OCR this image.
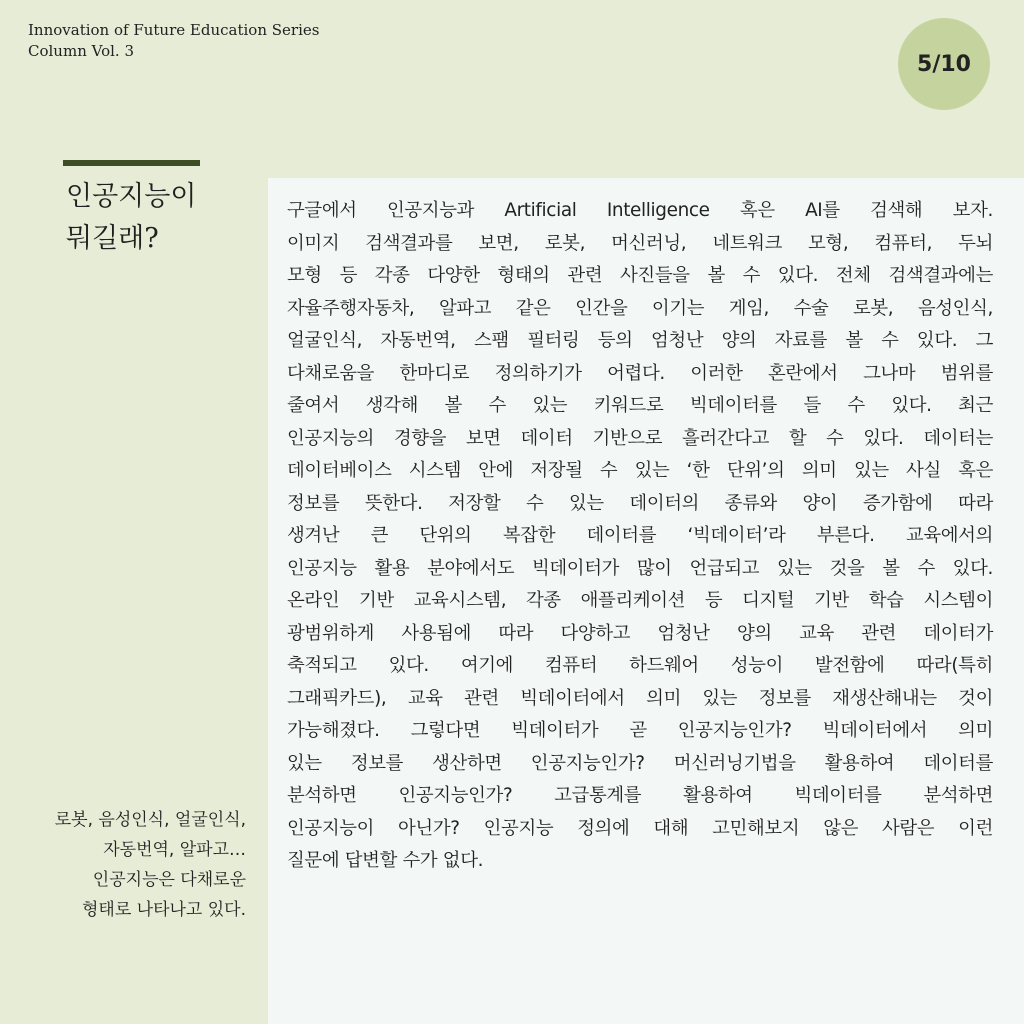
Innovation of Future Education Series
Column Vol. 3
5/10
인공지능이
뭐길래?
로봇, 음성인식, 얼굴인식,
자동번역, 알파고…
인공지능은 다채로운
형태로 나타나고 있다.
구글에서 인공지능과 Artificial Intelligence 혹은 AI를 검색해 보자.
이미지 검색결과를 보면, 로봇, 머신러닝, 네트워크 모형, 컴퓨터, 두뇌
모형 등 각종 다양한 형태의 관련 사진들을 볼 수 있다. 전체 검색결과에는
자율주행자동차, 알파고 같은 인간을 이기는 게임, 수술 로봇, 음성인식,
얼굴인식, 자동번역, 스팸 필터링 등의 엄청난 양의 자료를 볼 수 있다. 그
다채로움을 한마디로 정의하기가 어렵다. 이러한 혼란에서 그나마 범위를
줄여서 생각해 볼 수 있는 키워드로 빅데이터를 들 수 있다. 최근
인공지능의 경향을 보면 데이터 기반으로 흘러간다고 할 수 있다. 데이터는
데이터베이스 시스템 안에 저장될 수 있는 ‘한 단위’의 의미 있는 사실 혹은
정보를 뜻한다. 저장할 수 있는 데이터의 종류와 양이 증가함에 따라
생겨난 큰 단위의 복잡한 데이터를 ‘빅데이터’라 부른다. 교육에서의
인공지능 활용 분야에서도 빅데이터가 많이 언급되고 있는 것을 볼 수 있다.
온라인 기반 교육시스템, 각종 애플리케이션 등 디지털 기반 학습 시스템이
광범위하게 사용됨에 따라 다양하고 엄청난 양의 교육 관련 데이터가
축적되고 있다. 여기에 컴퓨터 하드웨어 성능이 발전함에 따라(특히
그래픽카드), 교육 관련 빅데이터에서 의미 있는 정보를 재생산해내는 것이
가능해졌다. 그렇다면 빅데이터가 곧 인공지능인가? 빅데이터에서 의미
있는 정보를 생산하면 인공지능인가? 머신러닝기법을 활용하여 데이터를
분석하면 인공지능인가? 고급통계를 활용하여 빅데이터를 분석하면
인공지능이 아닌가? 인공지능 정의에 대해 고민해보지 않은 사람은 이런
질문에 답변할 수가 없다.
